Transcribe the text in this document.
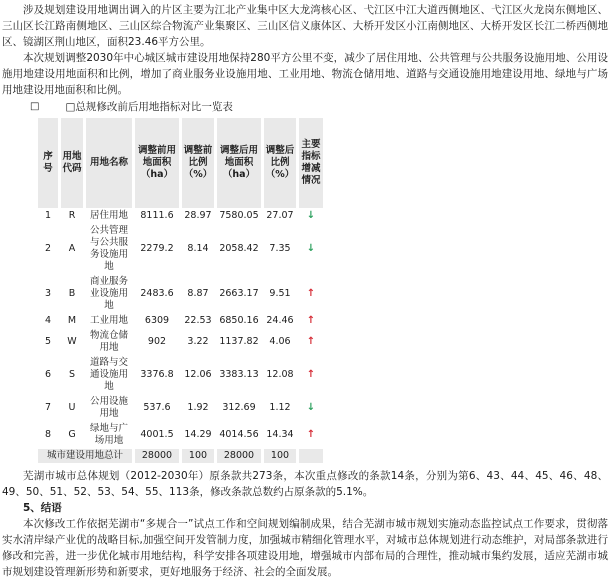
涉及规划建设用地调出调入的片区主要为江北产业集中区大龙湾核心区、弋江区中江大道西侧地区、弋江区火龙岗东侧地区、三山区长江路南侧地区、三山区综合物流产业集聚区、三山区信义康体区、大桥开发区小江南侧地区、大桥开发区长江二桥西侧地区、镜湖区荆山地区，面积23.46平方公里。

本次规划调整2030年中心城区城市建设用地保持280平方公里不变，减少了居住用地、公共管理与公共服务设施用地、公用设施用地建设用地面积和比例，增加了商业服务业设施用地、工业用地、物流仓储用地、道路与交通设施用地建设用地、绿地与广场用地建设用地面积和比例。

□ □总规修改前后用地指标对比一览表
序号	用地代码	用地名称	调整前用地面积（ha）	调整前比例（%）	调整后用地面积（ha）	调整后比例（%）	主要指标增减情况
1	R	居住用地	8111.6	28.97	7580.05	27.07	↓
2	A	公共管理与公共服务设施用地	2279.2	8.14	2058.42	7.35	↓
3	B	商业服务业设施用地	2483.6	8.87	2663.17	9.51	↑
4	M	工业用地	6309	22.53	6850.16	24.46	↑
5	W	物流仓储用地	902	3.22	1137.82	4.06	↑
6	S	道路与交通设施用地	3376.8	12.06	3383.13	12.08	↑
7	U	公用设施用地	537.6	1.92	312.69	1.12	↓
8	G	绿地与广场用地	4001.5	14.29	4014.56	14.34	↑
城市建设用地总计			28000	100	28000	100	

芜湖市城市总体规划（2012-2030年）原条款共273条，本次重点修改的条款14条，分别为第6、43、44、45、46、48、49、50、51、52、53、54、55、113条，修改条款总数约占原条款的5.1%。

5、结语

本次修改工作依据芜湖市“多规合一”试点工作和空间规划编制成果，结合芜湖市城市规划实施动态监控试点工作要求，贯彻落实水清岸绿产业优的战略目标,加强空间开发管制力度，加强城市精细化管理水平，对城市总体规划进行动态维护，对局部条款进行修改和完善，进一步优化城市用地结构，科学安排各项建设用地，增强城市内部布局的合理性，推动城市集约发展，适应芜湖市城市规划建设管理新形势和新要求，更好地服务于经济、社会的全面发展。
